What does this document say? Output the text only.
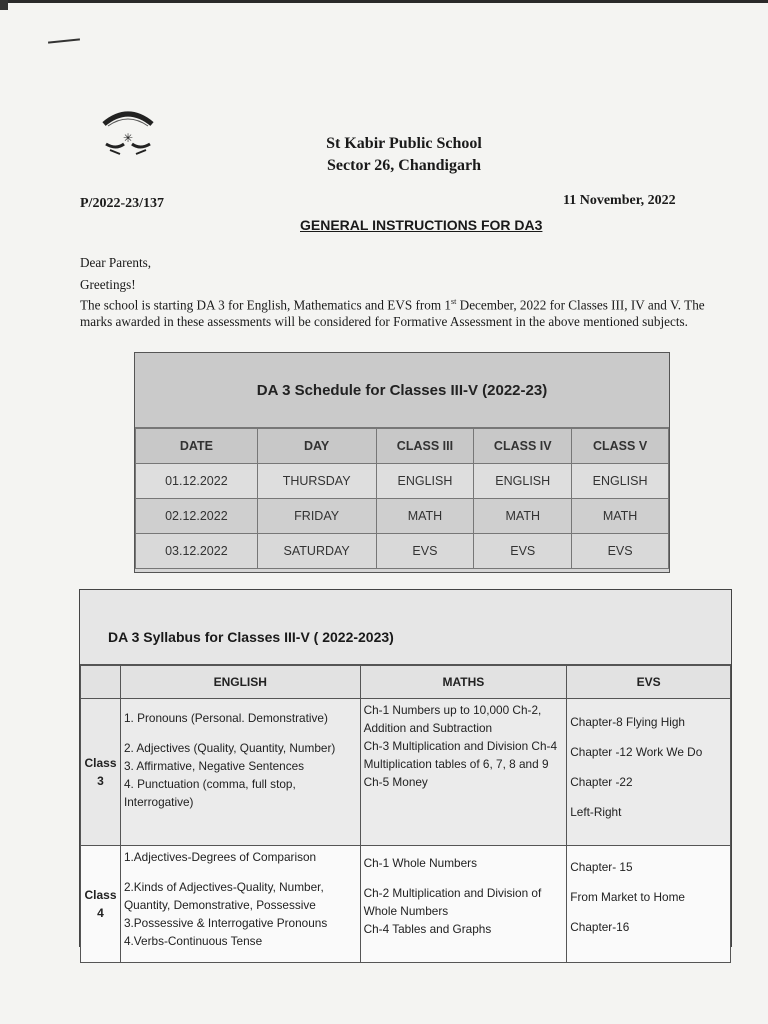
✳	St Kabir Public School
Sector 26, Chandigarh
P/2022-23/137	11 November, 2022
GENERAL INSTRUCTIONS FOR DA3
Dear Parents,
Greetings!
The school is starting DA 3 for English, Mathematics and EVS from 1st December, 2022 for Classes III, IV and V. The marks awarded in these assessments will be considered for Formative Assessment in the above mentioned subjects.
DA 3 Schedule for Classes III-V (2022-23)
DATE	DAY	CLASS III	CLASS IV	CLASS V
01.12.2022	THURSDAY	ENGLISH	ENGLISH	ENGLISH
02.12.2022	FRIDAY	MATH	MATH	MATH
03.12.2022	SATURDAY	EVS	EVS	EVS
DA 3 Syllabus for Classes III-V ( 2022-2023)
	ENGLISH	MATHS	EVS

Class
3	1. Pronouns (Personal. Demonstrative)
2. Adjectives (Quality, Quantity, Number)
3. Affirmative, Negative Sentences
4. Punctuation (comma, full stop,
Interrogative)	Ch-1 Numbers up to 10,000 Ch-2,
Addition and Subtraction
Ch-3 Multiplication and Division Ch-4
Multiplication tables of 6, 7, 8 and 9
Ch-5 Money	Chapter-8 Flying High
Chapter -12 Work We Do
Chapter -22
Left-Right

Class
4	1.Adjectives-Degrees of Comparison
2.Kinds of Adjectives-Quality, Number,
Quantity, Demonstrative, Possessive
3.Possessive & Interrogative Pronouns
4.Verbs-Continuous Tense	Ch-1 Whole Numbers
Ch-2 Multiplication and Division of
Whole Numbers
Ch-4 Tables and Graphs	Chapter- 15
From Market to Home
Chapter-16
